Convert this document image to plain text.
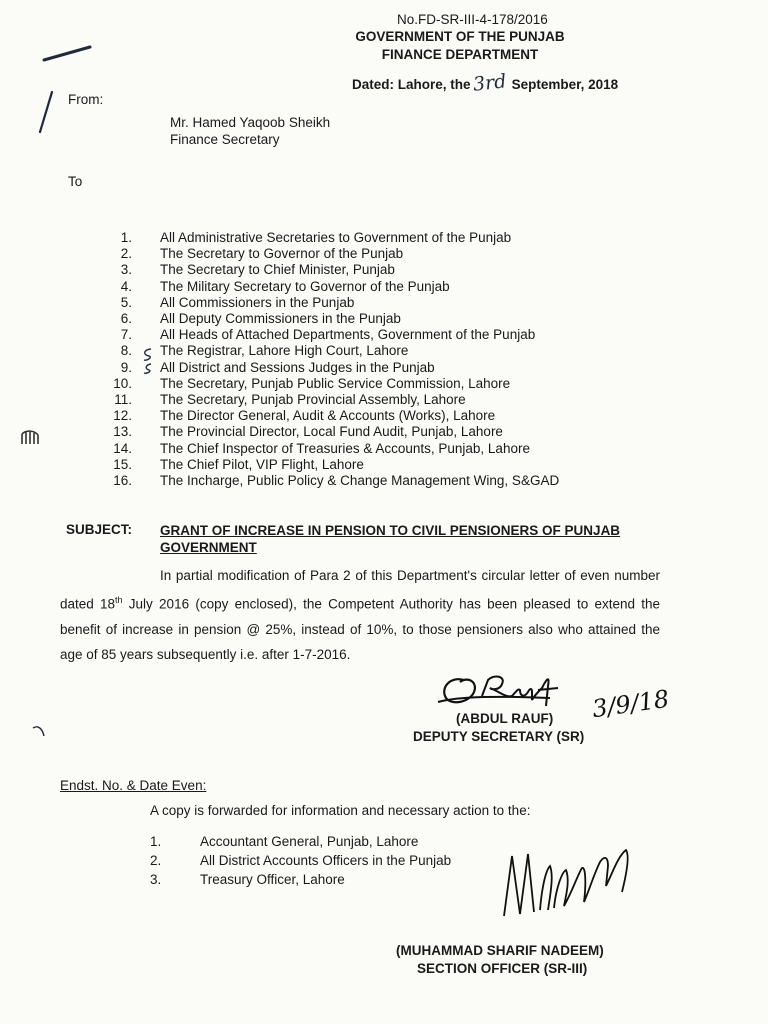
No.FD-SR-III-4-178/2016
GOVERNMENT OF THE PUNJAB
FINANCE DEPARTMENT
Dated: Lahore, the3rd September, 2018
From:
Mr. Hamed Yaqoob Sheikh
Finance Secretary
To
1.	All Administrative Secretaries to Government of the Punjab
2.	The Secretary to Governor of the Punjab
3.	The Secretary to Chief Minister, Punjab
4.	The Military Secretary to Governor of the Punjab
5.	All Commissioners in the Punjab
6.	All Deputy Commissioners in the Punjab
7.	All Heads of Attached Departments, Government of the Punjab
8.	The Registrar, Lahore High Court, Lahore
9.	All District and Sessions Judges in the Punjab
10.	The Secretary, Punjab Public Service Commission, Lahore
11.	The Secretary, Punjab Provincial Assembly, Lahore
12.	The Director General, Audit & Accounts (Works), Lahore
13.	The Provincial Director, Local Fund Audit, Punjab, Lahore
14.	The Chief Inspector of Treasuries & Accounts, Punjab, Lahore
15.	The Chief Pilot, VIP Flight, Lahore
16.	The Incharge, Public Policy & Change Management Wing, S&GAD
SUBJECT: GRANT OF INCREASE IN PENSION TO CIVIL PENSIONERS OF PUNJAB
GOVERNMENT
In partial modification of Para 2 of this Department's circular letter of even number dated 18th July 2016 (copy enclosed), the Competent Authority has been pleased to extend the benefit of increase in pension @ 25%, instead of 10%, to those pensioners also who attained the age of 85 years subsequently i.e. after 1-7-2016.
3/9/18
(ABDUL RAUF)
DEPUTY SECRETARY (SR)
Endst. No. & Date Even:
A copy is forwarded for information and necessary action to the:
1.	Accountant General, Punjab, Lahore
2.	All District Accounts Officers in the Punjab
3.	Treasury Officer, Lahore
(MUHAMMAD SHARIF NADEEM)
SECTION OFFICER (SR-III)
